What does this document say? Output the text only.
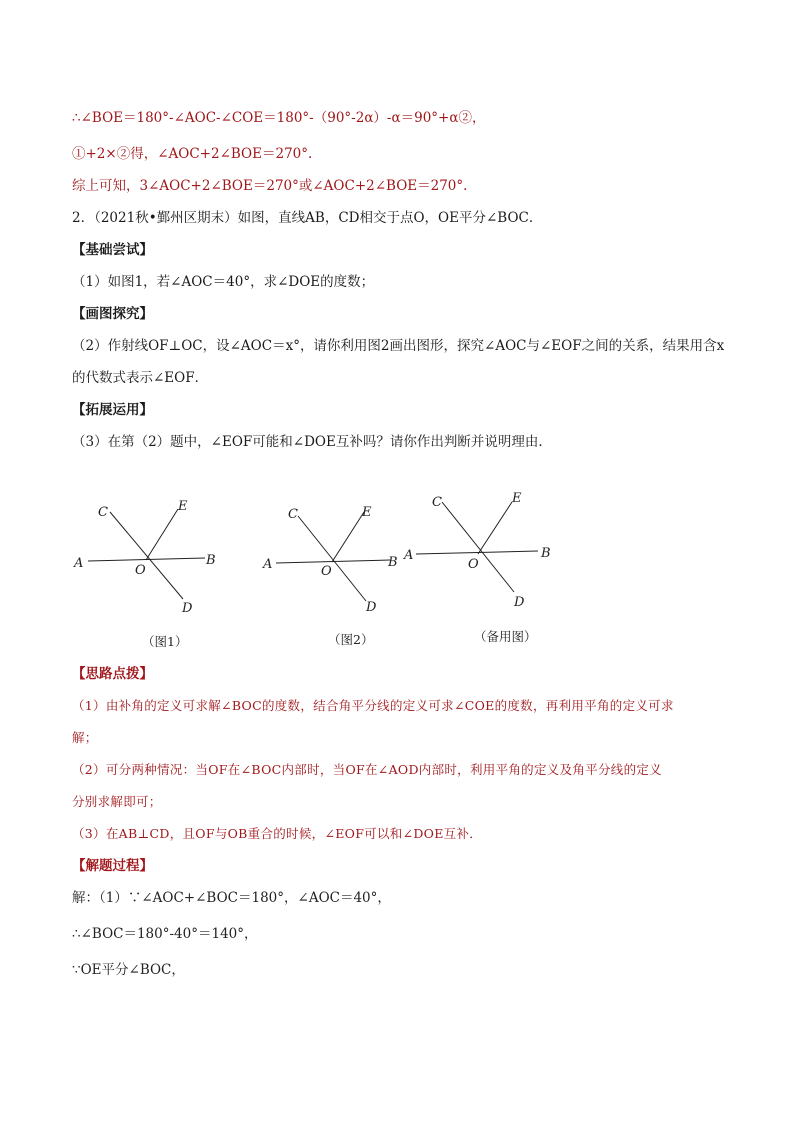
∴∠BOE＝180°-∠AOC-∠COE＝180°-（90°-2α）-α＝90°+α②，
①+2×②得，∠AOC+2∠BOE＝270°.
综上可知，3∠AOC+2∠BOE＝270°或∠AOC+2∠BOE＝270°.
2．（2021秋•鄞州区期末）如图，直线AB，CD相交于点O，OE平分∠BOC．
【基础尝试】
（1）如图1，若∠AOC＝40°，求∠DOE的度数；
【画图探究】
（2）作射线OF⊥OC，设∠AOC＝x°，请你利用图2画出图形，探究∠AOC与∠EOF之间的关系，结果用含x
的代数式表示∠EOF．
【拓展运用】
（3）在第（2）题中，∠EOF可能和∠DOE互补吗？请你作出判断并说明理由．
C	E
A	B
O
D
（图1）
C	E
A	B
O
D
（图2）
C	E
A	B
O
D
（备用图）
【思路点拨】
（1）由补角的定义可求解∠BOC的度数，结合角平分线的定义可求∠COE的度数，再利用平角的定义可求
解；
（2）可分两种情况：当OF在∠BOC内部时，当OF在∠AOD内部时，利用平角的定义及角平分线的定义
分别求解即可；
（3）在AB⊥CD，且OF与OB重合的时候，∠EOF可以和∠DOE互补．
【解题过程】
解：（1）∵∠AOC+∠BOC＝180°，∠AOC＝40°，
∴∠BOC＝180°-40°＝140°，
∵OE平分∠BOC，
